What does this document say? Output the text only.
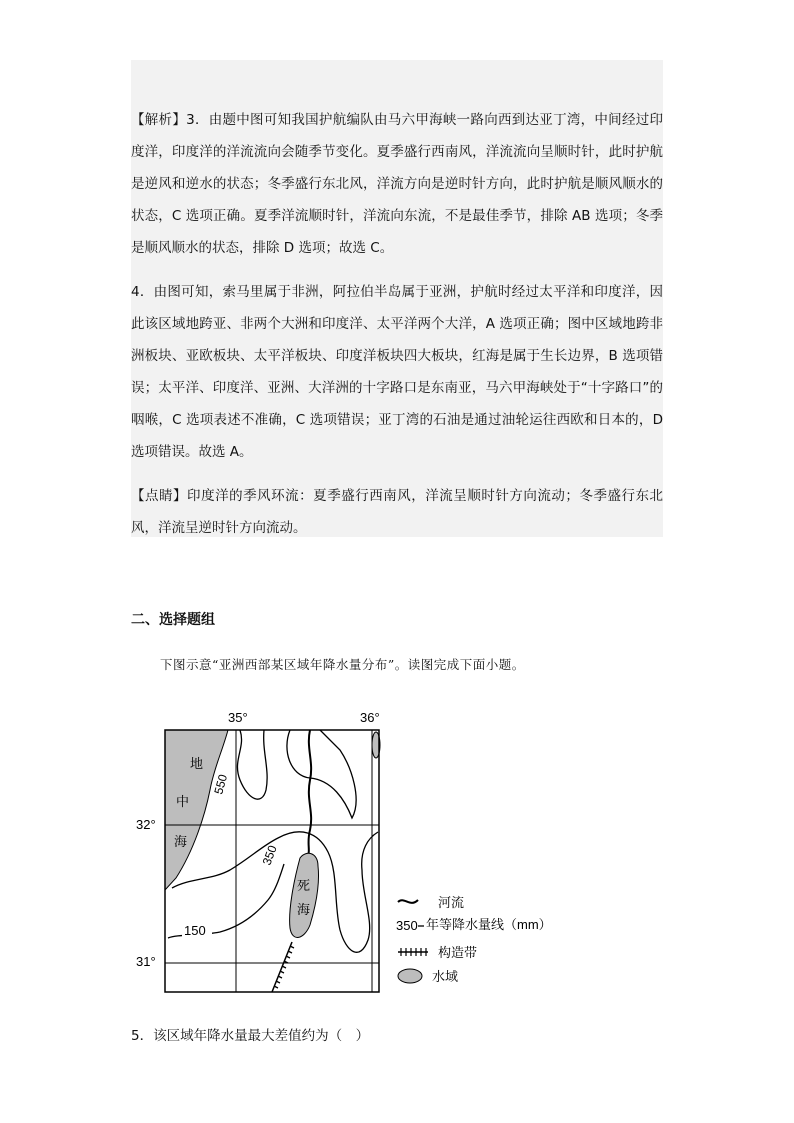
【解析】3．由题中图可知我国护航编队由马六甲海峡一路向西到达亚丁湾，中间经过印度洋，印度洋的洋流流向会随季节变化。夏季盛行西南风，洋流流向呈顺时针，此时护航是逆风和逆水的状态；冬季盛行东北风，洋流方向是逆时针方向，此时护航是顺风顺水的状态，C 选项正确。夏季洋流顺时针，洋流向东流，不是最佳季节，排除 AB 选项；冬季是顺风顺水的状态，排除 D 选项；故选 C。

4．由图可知，索马里属于非洲，阿拉伯半岛属于亚洲，护航时经过太平洋和印度洋，因此该区域地跨亚、非两个大洲和印度洋、太平洋两个大洋，A 选项正确；图中区域地跨非洲板块、亚欧板块、太平洋板块、印度洋板块四大板块，红海是属于生长边界，B 选项错误；太平洋、印度洋、亚洲、大洋洲的十字路口是东南亚，马六甲海峡处于“十字路口”的咽喉，C 选项表述不准确，C 选项错误；亚丁湾的石油是通过油轮运往西欧和日本的，D 选项错误。故选 A。

【点睛】印度洋的季风环流：夏季盛行西南风，洋流呈顺时针方向流动；冬季盛行东北风，洋流呈逆时针方向流动。

二、选择题组

下图示意“亚洲西部某区域年降水量分布”。读图完成下面小题。

35°	36°
32°
31°
地
中
海
死
海
550
350
150
河流
350 年等降水量线（mm）
构造带
水域

5．该区域年降水量最大差值约为（　）
